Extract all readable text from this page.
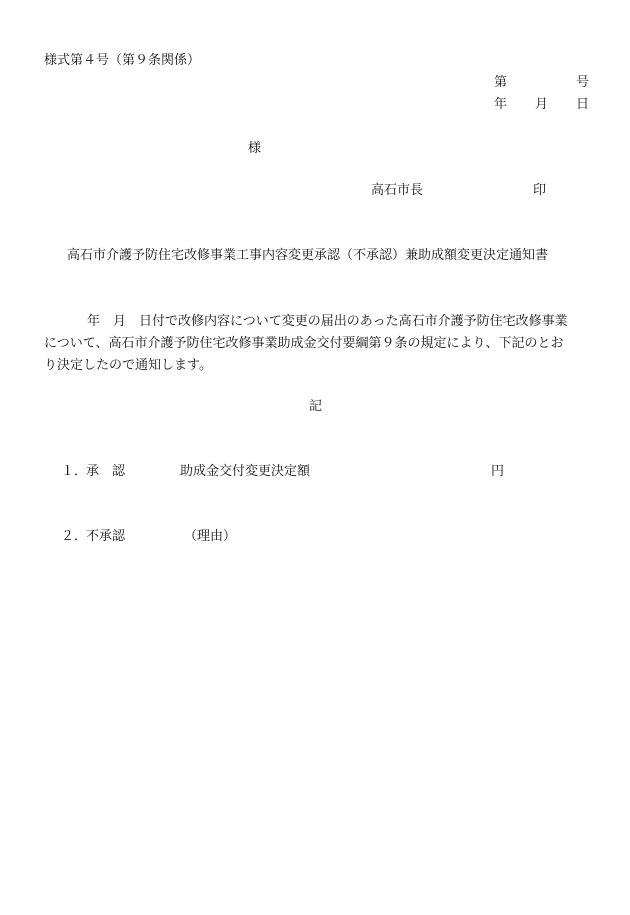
様式第４号（第９条関係）
第	号
年 月 日
様
高石市長	印
高石市介護予防住宅改修事業工事内容変更承認（不承認）兼助成額変更決定通知書
年　月　日付で改修内容について変更の届出のあった高石市介護予防住宅改修事業
について、高石市介護予防住宅改修事業助成金交付要綱第９条の規定により、下記のとお
り決定したので通知します。
記
１．
承　認	助成金交付変更決定額	円
２．
不承認	（理由）
